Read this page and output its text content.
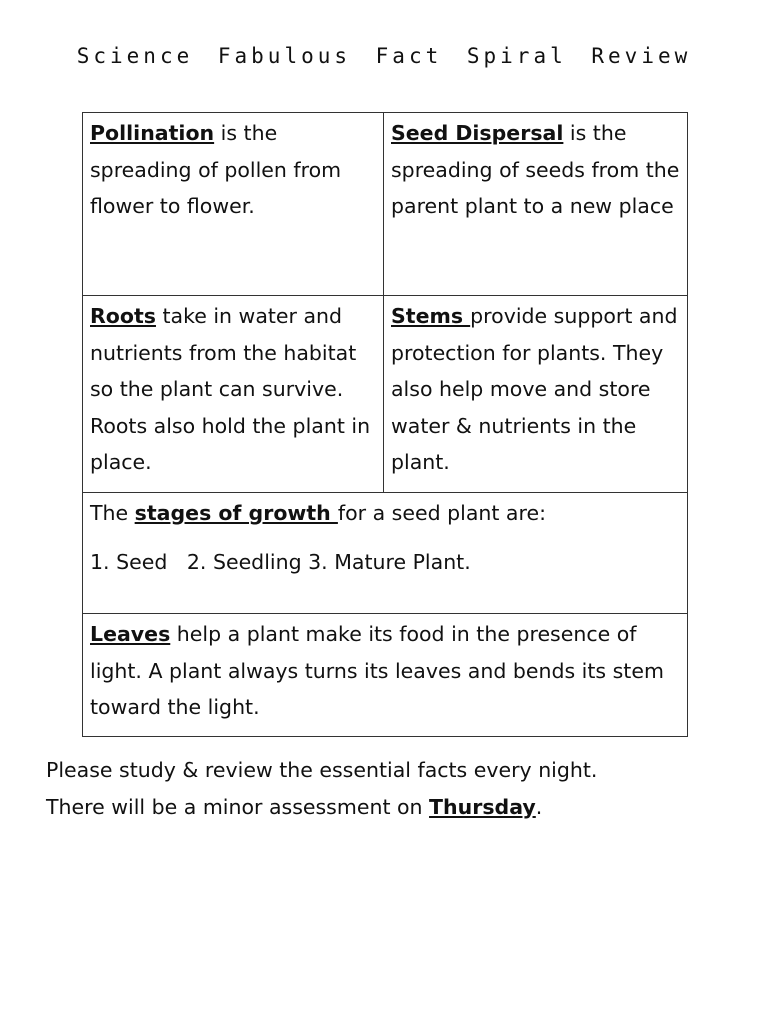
Science Fabulous Fact Spiral Review
Pollination is the spreading of pollen from flower to flower.	Seed Dispersal is the spreading of seeds from the parent plant to a new place
Roots take in water and nutrients from the habitat so the plant can survive. Roots also hold the plant in place.	Stems provide support and protection for plants. They also help move and store water & nutrients in the plant.

The stages of growth for a seed plant are:

1. Seed   2. Seedling 3. Mature Plant.	

Leaves help a plant make its food in the presence of light. A plant always turns its leaves and bends its stem toward the light.	

Please study & review the essential facts every night.

There will be a minor assessment on Thursday.
